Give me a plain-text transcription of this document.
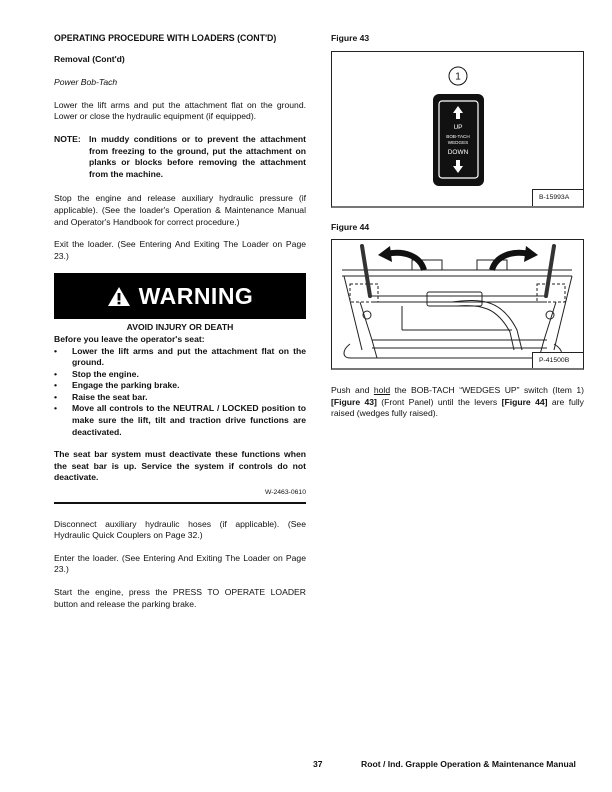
OPERATING PROCEDURE WITH LOADERS (CONT'D)
Removal (Cont'd)
Power Bob-Tach

Lower the lift arms and put the attachment flat on the ground. Lower or close the hydraulic equipment (if equipped).

NOTE: In muddy conditions or to prevent the attachment from freezing to the ground, put the attachment on planks or blocks before removing the attachment from the machine.

Stop the engine and release auxiliary hydraulic pressure (if applicable). (See the loader's Operation & Maintenance Manual and Operator's Handbook for correct procedure.)

Exit the loader. (See Entering And Exiting The Loader on Page 23.)

WARNING
AVOID INJURY OR DEATH
Before you leave the operator's seat:
•	Lower the lift arms and put the attachment flat on the ground.
•	Stop the engine.
•	Engage the parking brake.
•	Raise the seat bar.
•	Move all controls to the NEUTRAL / LOCKED position to make sure the lift, tilt and traction drive functions are deactivated.
The seat bar system must deactivate these functions when the seat bar is up. Service the system if controls do not deactivate.
W-2463-0610

Disconnect auxiliary hydraulic hoses (if applicable). (See Hydraulic Quick Couplers on Page 32.)

Enter the loader. (See Entering And Exiting The Loader on Page 23.)

Start the engine, press the PRESS TO OPERATE LOADER button and release the parking brake.

Figure 43
1
UP
BOB-TACH
WEDGES
DOWN
B-15993A
Figure 44
P-41500B

Push and hold the BOB-TACH “WEDGES UP” switch (Item 1) [Figure 43] (Front Panel) until the levers [Figure 44] are fully raised (wedges fully raised).

37	Root / Ind. Grapple Operation & Maintenance Manual
